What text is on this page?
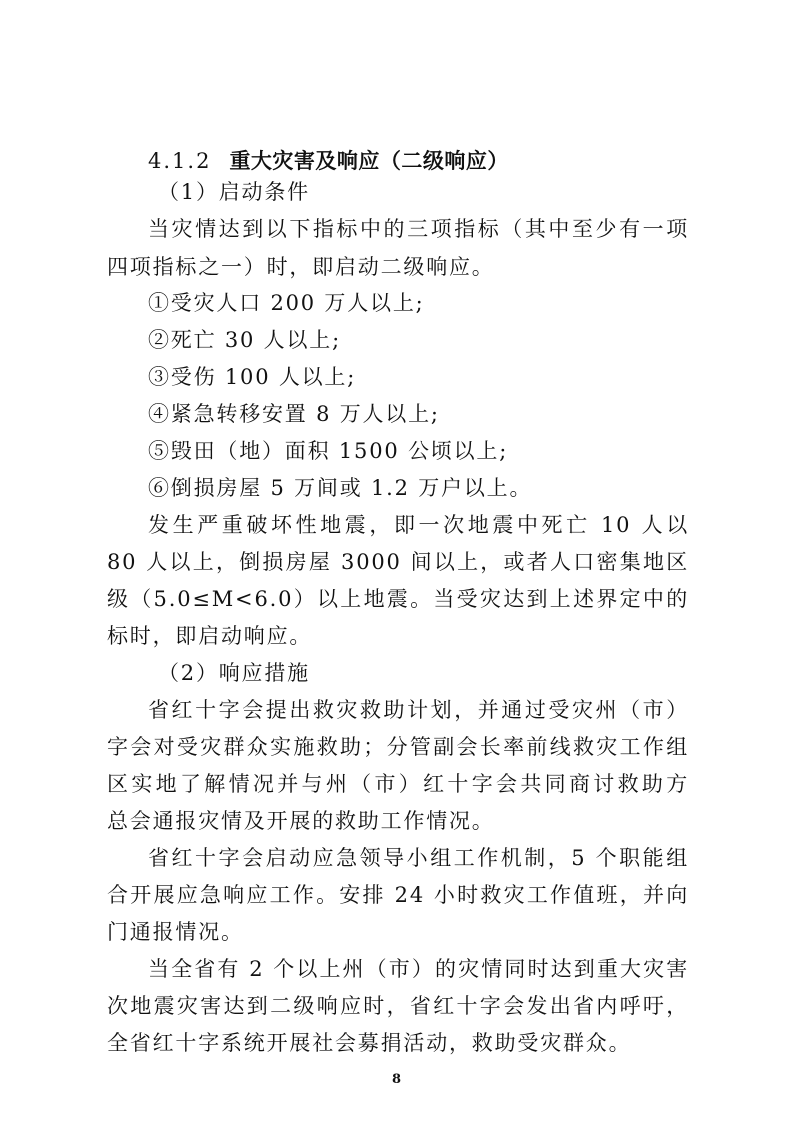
4.1.2 重大灾害及响应（二级响应）
（1）启动条件
当灾情达到以下指标中的三项指标（其中至少有一项
四项指标之一）时，即启动二级响应。
①受灾人口 200 万人以上;
②死亡 30 人以上;
③受伤 100 人以上;
④紧急转移安置 8 万人以上;
⑤毁田（地）面积 1500 公顷以上;
⑥倒损房屋 5 万间或 1.2 万户以上。
发生严重破坏性地震，即一次地震中死亡 10 人以
80 人以上，倒损房屋 3000 间以上，或者人口密集地区
级（5.0≤M<6.0）以上地震。当受灾达到上述界定中的
标时，即启动响应。
（2）响应措施
省红十字会提出救灾救助计划，并通过受灾州（市）
字会对受灾群众实施救助；分管副会长率前线救灾工作组
区实地了解情况并与州（市）红十字会共同商讨救助方
总会通报灾情及开展的救助工作情况。
省红十字会启动应急领导小组工作机制，5 个职能组
合开展应急响应工作。安排 24 小时救灾工作值班，并向
门通报情况。
当全省有 2 个以上州（市）的灾情同时达到重大灾害
次地震灾害达到二级响应时，省红十字会发出省内呼吁，
全省红十字系统开展社会募捐活动，救助受灾群众。
8
